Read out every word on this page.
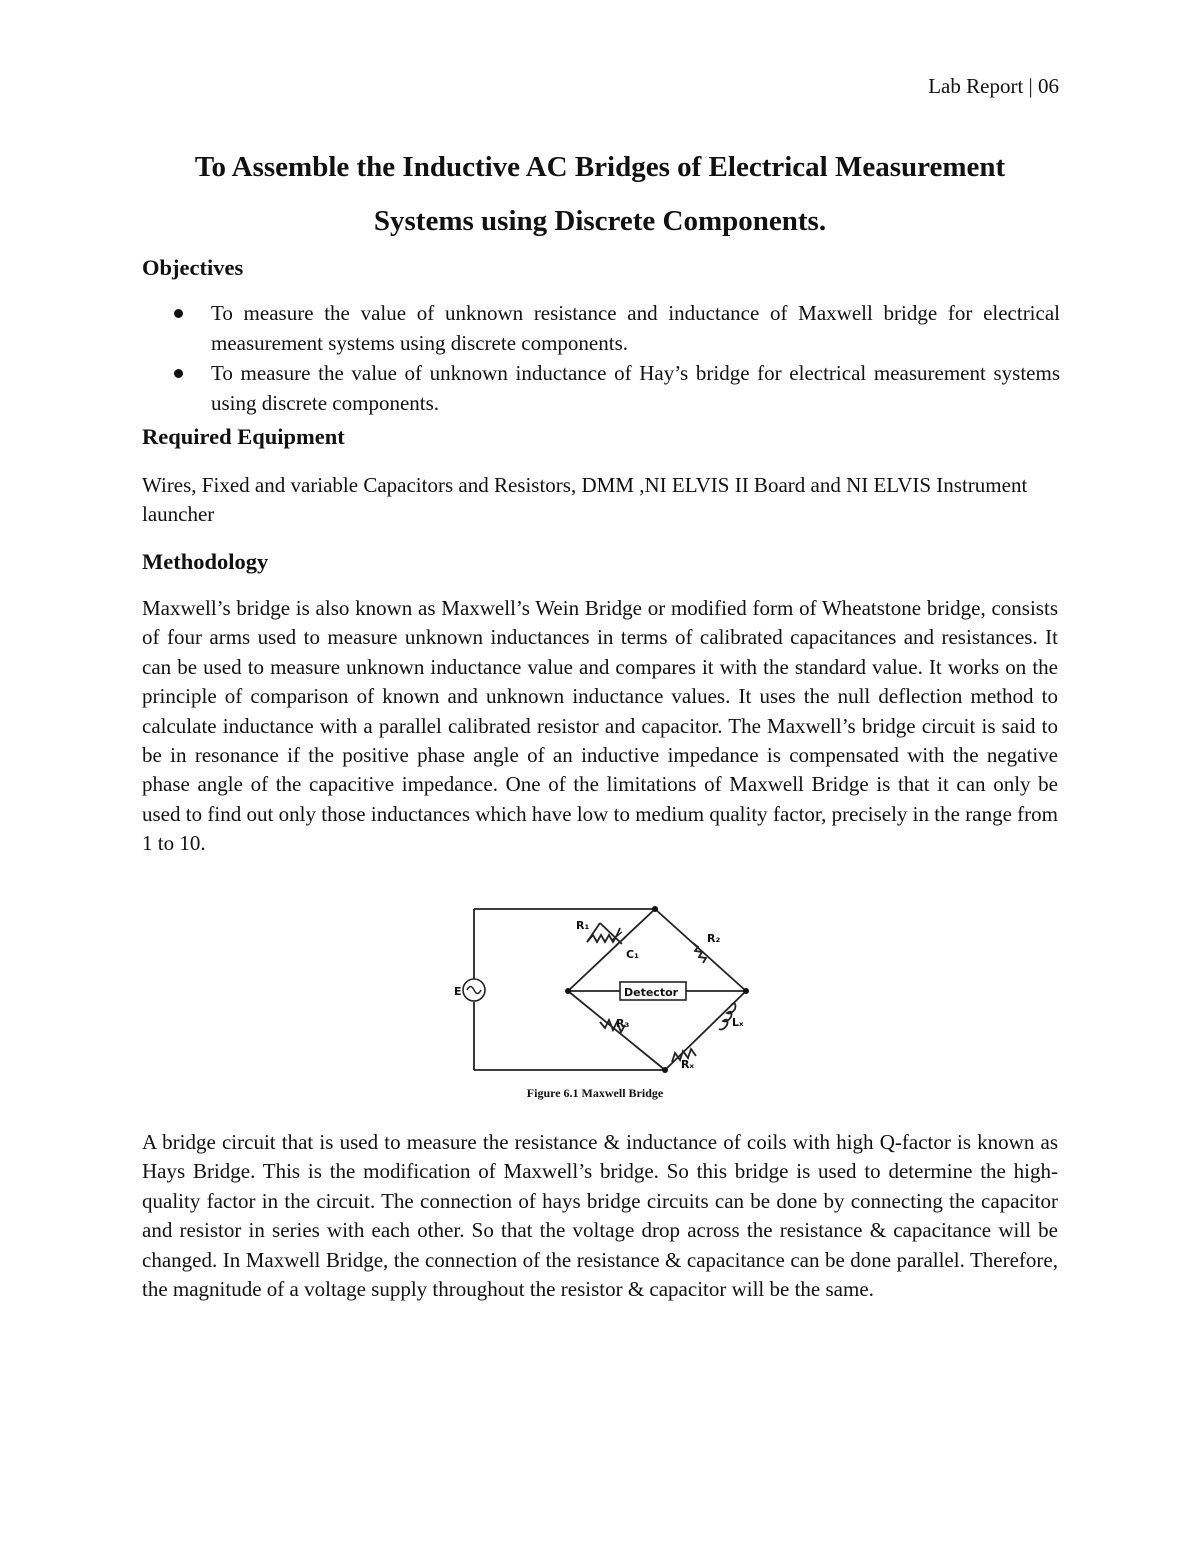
Lab Report | 06
To Assemble the Inductive AC Bridges of Electrical Measurement
Systems using Discrete Components.
Objectives
To measure the value of unknown resistance and inductance of Maxwell bridge for electrical measurement systems using discrete components.
To measure the value of unknown inductance of Hay’s bridge for electrical measurement systems using discrete components.
Required Equipment

Wires, Fixed and variable Capacitors and Resistors, DMM ,NI ELVIS II Board and NI ELVIS Instrument launcher

Methodology

Maxwell’s bridge is also known as Maxwell’s Wein Bridge or modified form of Wheatstone bridge, consists of four arms used to measure unknown inductances in terms of calibrated capacitances and resistances. It can be used to measure unknown inductance value and compares it with the standard value. It works on the principle of comparison of known and unknown inductance values. It uses the null deflection method to calculate inductance with a parallel calibrated resistor and capacitor. The Maxwell’s bridge circuit is said to be in resonance if the positive phase angle of an inductive impedance is compensated with the negative phase angle of the capacitive impedance. One of the limitations of Maxwell Bridge is that it can only be used to find out only those inductances which have low to medium quality factor, precisely in the range from 1 to 10.

E
R₁
C₁
R₂
Detector
R₃	Lₓ
Rₓ
Figure 6.1 Maxwell Bridge

A bridge circuit that is used to measure the resistance & inductance of coils with high Q-factor is known as Hays Bridge. This is the modification of Maxwell’s bridge. So this bridge is used to determine the high-quality factor in the circuit. The connection of hays bridge circuits can be done by connecting the capacitor and resistor in series with each other. So that the voltage drop across the resistance & capacitance will be changed. In Maxwell Bridge, the connection of the resistance & capacitance can be done parallel. Therefore, the magnitude of a voltage supply throughout the resistor & capacitor will be the same.
